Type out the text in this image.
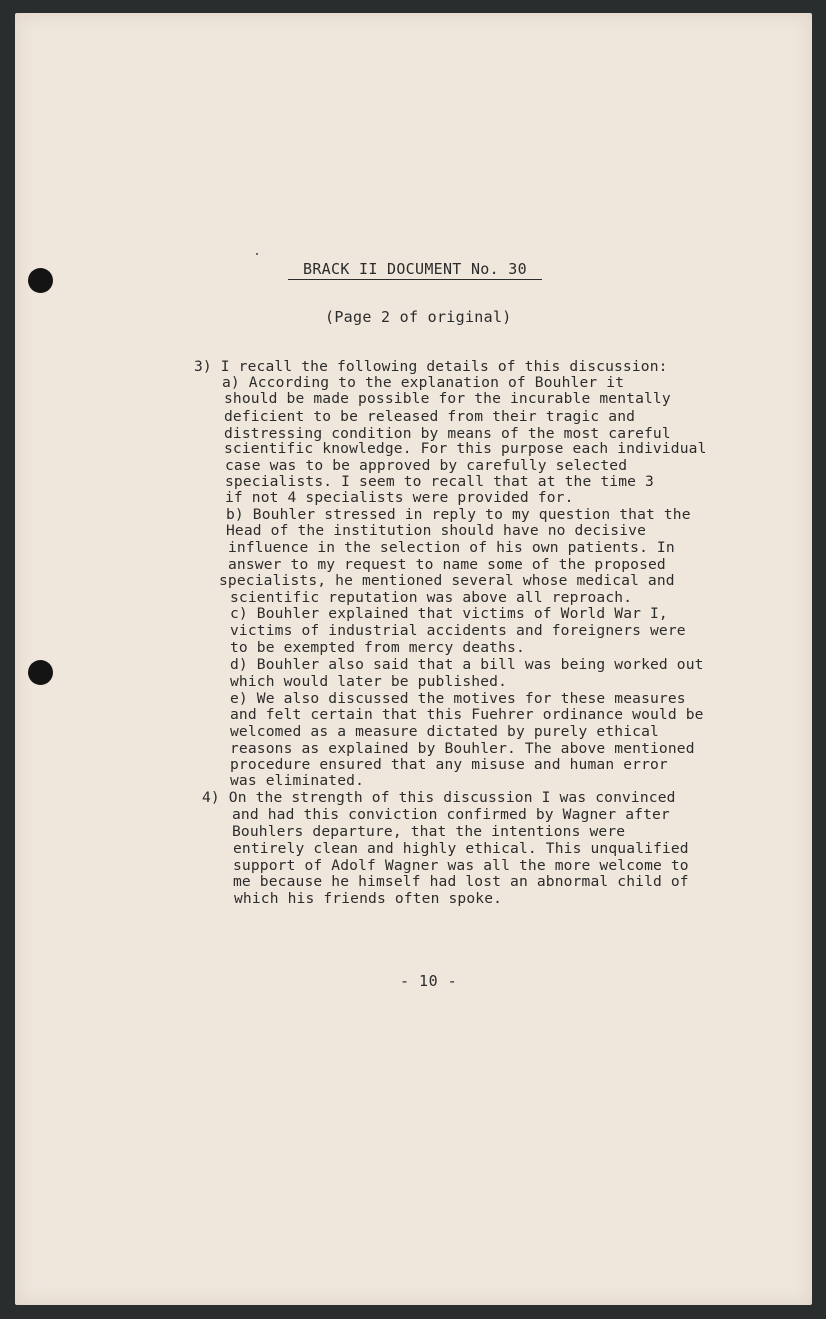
BRACK II DOCUMENT No. 30
(Page 2 of original)
3) I recall the following details of this discussion:
a) According to the explanation of Bouhler it
should be made possible for the incurable mentally
deficient to be released from their tragic and
distressing condition by means of the most careful
scientific knowledge. For this purpose each individual
case was to be approved by carefully selected
specialists. I seem to recall that at the time 3
if not 4 specialists were provided for.
b) Bouhler stressed in reply to my question that the
Head of the institution should have no decisive
influence in the selection of his own patients. In
answer to my request to name some of the proposed
specialists, he mentioned several whose medical and
scientific reputation was above all reproach.
c) Bouhler explained that victims of World War I,
victims of industrial accidents and foreigners were
to be exempted from mercy deaths.
d) Bouhler also said that a bill was being worked out
which would later be published.
e) We also discussed the motives for these measures
and felt certain that this Fuehrer ordinance would be
welcomed as a measure dictated by purely ethical
reasons as explained by Bouhler. The above mentioned
procedure ensured that any misuse and human error
was eliminated.
4) On the strength of this discussion I was convinced
and had this conviction confirmed by Wagner after
Bouhlers departure, that the intentions were
entirely clean and highly ethical. This unqualified
support of Adolf Wagner was all the more welcome to
me because he himself had lost an abnormal child of
which his friends often spoke.
- 10 -
